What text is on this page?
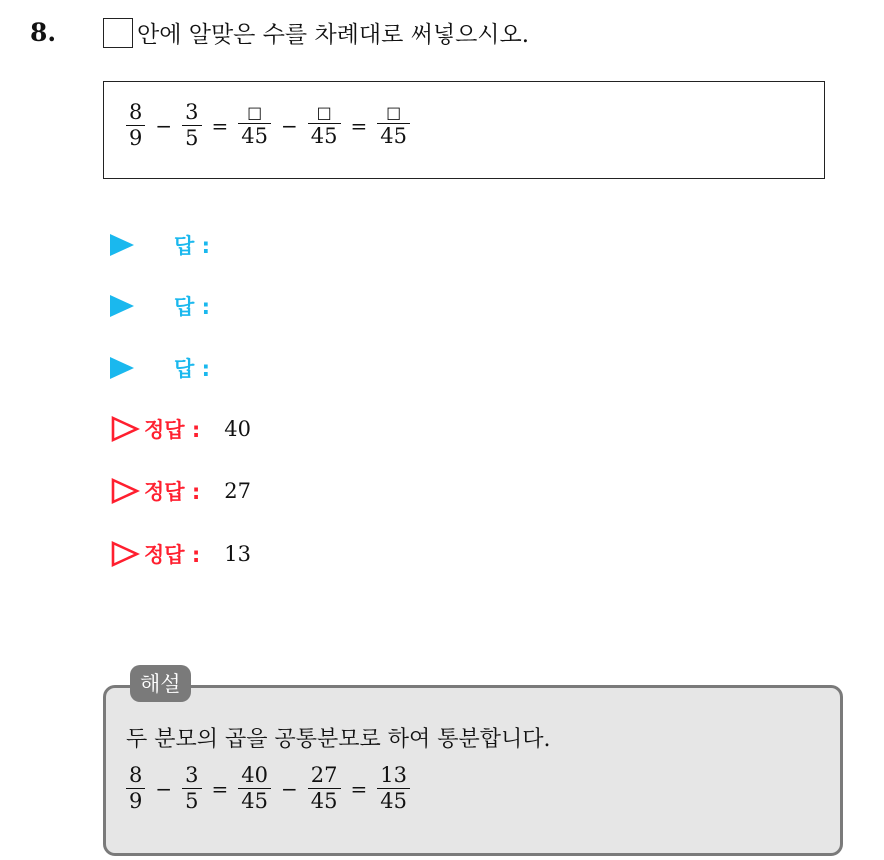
8.	안에 알맞은 수를 차례대로 써넣으시오.
$\frac{8}{9} - \frac{3}{5} = \frac{□}{45} - \frac{□}{45} = \frac{□}{45}$
답 :
답 :
답 :
정답 : 40
정답 : 27
정답 : 13
해설
두 분모의 곱을 공통분모로 하여 통분합니다.
$\frac{8}{9} - \frac{3}{5} = \frac{40}{45} - \frac{27}{45} = \frac{13}{45}$
